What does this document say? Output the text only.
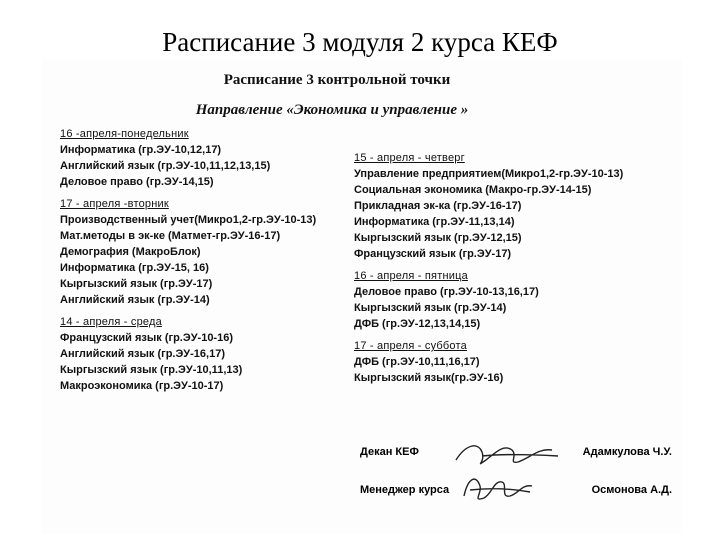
Расписание 3 модуля 2 курса КЕФ
Расписание 3 контрольной точки
Направление «Экономика и управление »
16 -апреля-понедельник
Информатика (гр.ЭУ-10,12,17)
Английский язык (гр.ЭУ-10,11,12,13,15)
Деловое право (гр.ЭУ-14,15)
17 - апреля -вторник
Производственный учет(Микро1,2-гр.ЭУ-10-13)
Мат.методы в эк-ке (Матмет-гр.ЭУ-16-17)
Демография (МакроБлок)
Информатика (гр.ЭУ-15, 16)
Кыргызский язык (гр.ЭУ-17)
Английский язык (гр.ЭУ-14)
14 - апреля - среда
Французский язык (гр.ЭУ-10-16)
Английский язык (гр.ЭУ-16,17)
Кыргызский язык (гр.ЭУ-10,11,13)
Макроэкономика (гр.ЭУ-10-17)
15 - апреля - четверг
Управление предприятием(Микро1,2-гр.ЭУ-10-13)
Социальная экономика (Макро-гр.ЭУ-14-15)
Прикладная эк-ка (гр.ЭУ-16-17)
Информатика (гр.ЭУ-11,13,14)
Кыргызский язык (гр.ЭУ-12,15)
Французский язык (гр.ЭУ-17)
16 - апреля - пятница
Деловое право (гр.ЭУ-10-13,16,17)
Кыргызский язык (гр.ЭУ-14)
ДФБ (гр.ЭУ-12,13,14,15)
17 - апреля - суббота
ДФБ (гр.ЭУ-10,11,16,17)
Кыргызский язык(гр.ЭУ-16)
Декан КЕФ	Адамкулова Ч.У.
Менеджер курса	Осмонова А.Д.
